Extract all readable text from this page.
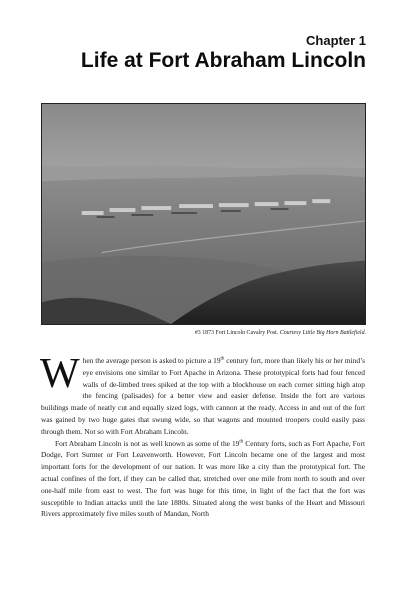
Chapter 1
Life at Fort Abraham Lincoln
#3 1873 Fort Lincoln Cavalry Post. Courtesy Little Big Horn Battlefield.

When the average person is asked to picture a 19th century fort, more than likely his or her mind’s eye envisions one similar to Fort Apache in Arizona. These prototypical forts had four fenced walls of de-limbed trees spiked at the top with a blockhouse on each corner sitting high atop the fencing (palisades) for a better view and easier defense. Inside the fort are various buildings made of neatly cut and equally sized logs, with cannon at the ready. Access in and out of the fort was gained by two huge gates that swung wide, so that wagons and mounted troopers could easily pass through them. Not so with Fort Abraham Lincoln.

Fort Abraham Lincoln is not as well known as some of the 19th Century forts, such as Fort Apache, Fort Dodge, Fort Sumter or Fort Leavenworth. However, Fort Lincoln became one of the largest and most important forts for the development of our nation. It was more like a city than the prototypical fort. The actual confines of the fort, if they can be called that, stretched over one mile from north to south and over one-half mile from east to west. The fort was huge for this time, in light of the fact that the fort was susceptible to Indian attacks until the late 1880s. Situated along the west banks of the Heart and Missouri Rivers approximately five miles south of Mandan, North
